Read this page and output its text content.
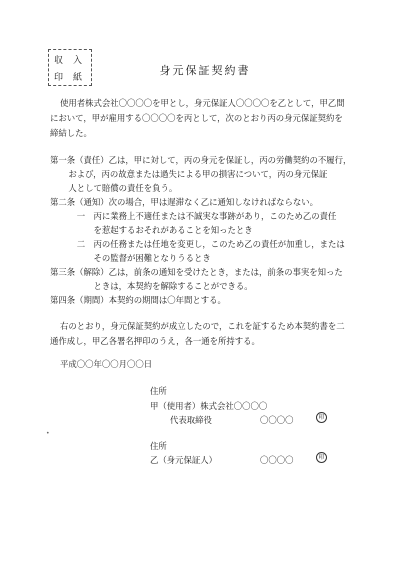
収入
印紙
身元保証契約書
使用者株式会社〇〇〇〇を甲とし，身元保証人〇〇〇〇を乙として，甲乙間
において，甲が雇用する〇〇〇〇を丙として，次のとおり丙の身元保証契約を
締結した。
第一条（責任）乙は，甲に対して，丙の身元を保証し，丙の労働契約の不履行，
　および，丙の故意または過失による甲の損害について，丙の身元保証
　人として賠償の責任を負う。
第二条（通知）次の場合，甲は遅滞なく乙に通知しなければならない。
　　一　丙に業務上不適任または不誠実な事跡があり，このため乙の責任
　　　　を惹起するおそれがあることを知ったとき
　　二　丙の任務または任地を変更し，このため乙の責任が加重し，または
　　　　その監督が困難となりうるとき
第三条（解除）乙は，前条の通知を受けたとき，または，前条の事実を知った
　　　　ときは，本契約を解除することができる。
第四条（期間）本契約の期間は〇年間とする。
右のとおり，身元保証契約が成立したので，これを証するため本契約書を二
通作成し，甲乙各署名押印のうえ，各一通を所持する。
平成〇〇年〇〇月〇〇日
住所
甲（使用者）株式会社〇〇〇〇
代表取締役	〇〇〇〇	印
住所
乙（身元保証人）	〇〇〇〇	印
•
